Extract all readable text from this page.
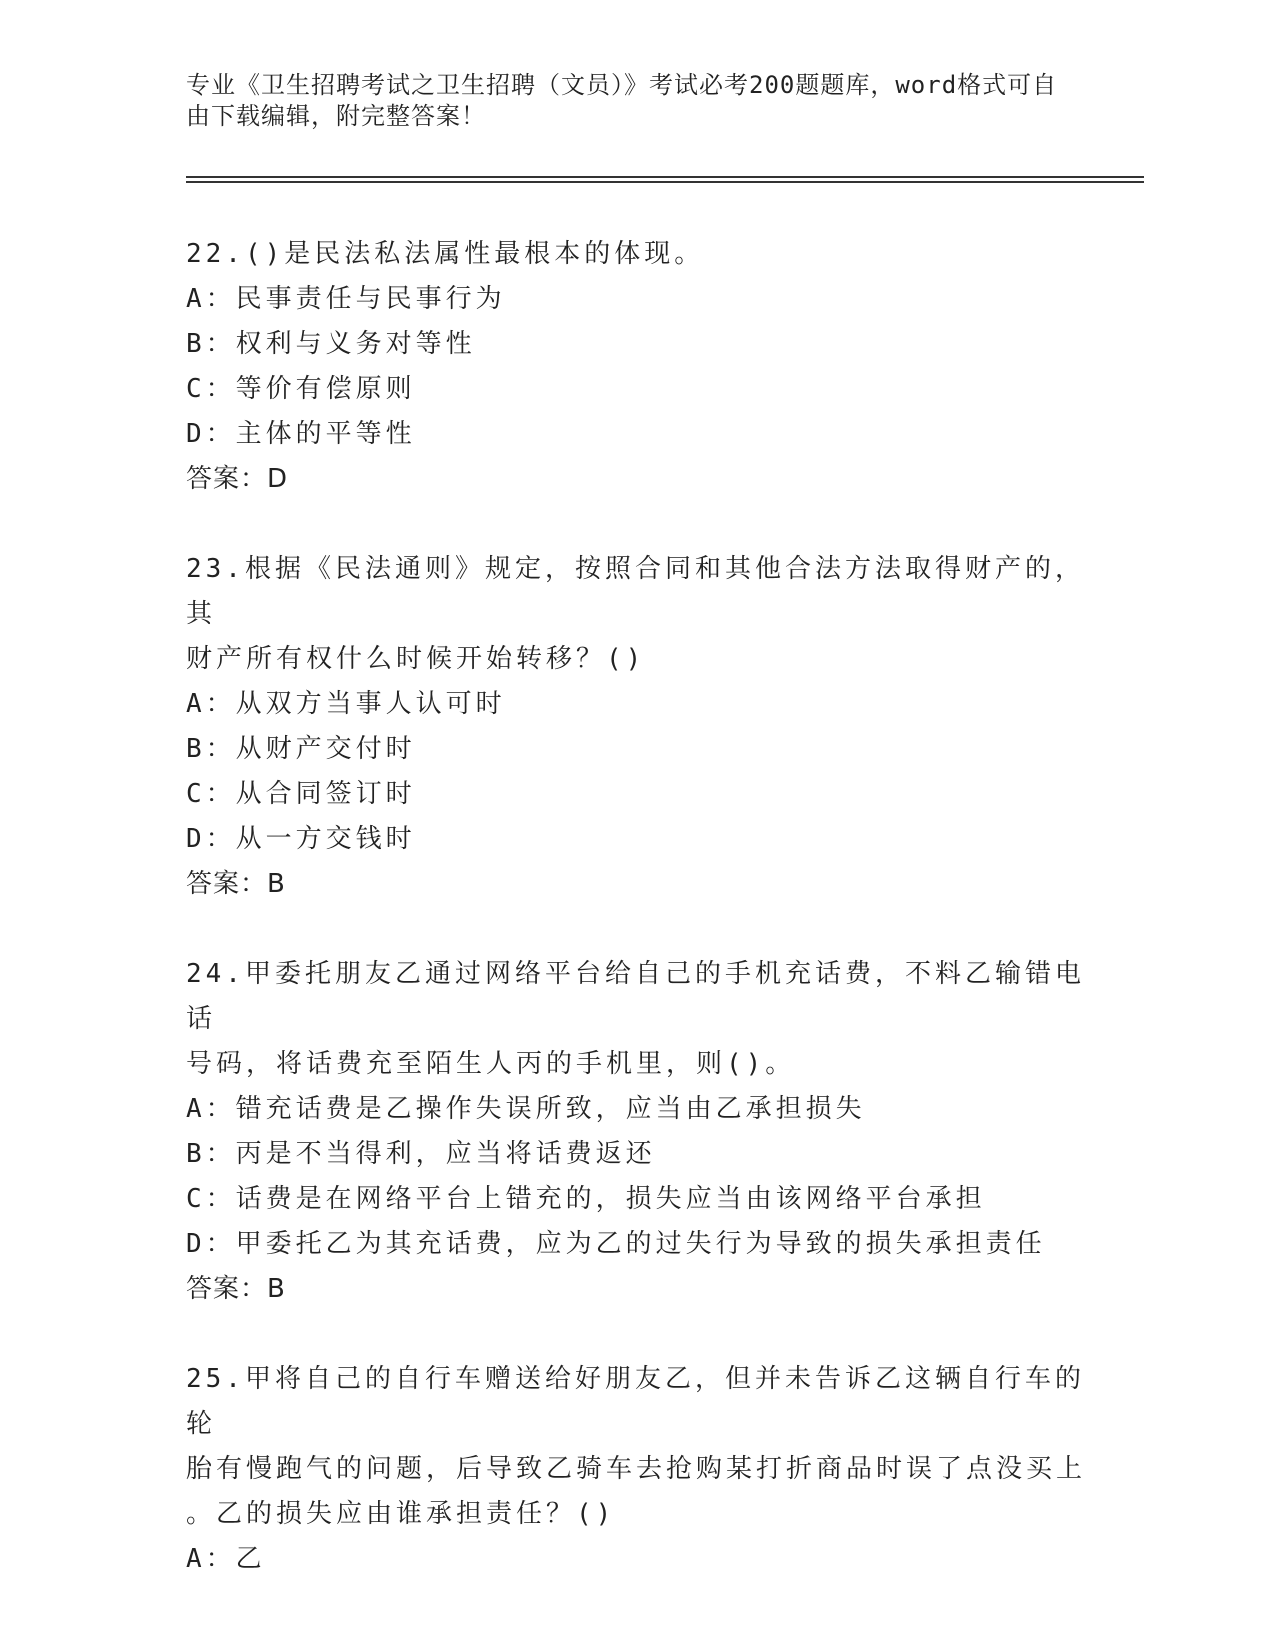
专业《卫生招聘考试之卫生招聘（文员）》考试必考200题题库，word格式可自
由下载编辑，附完整答案！
22.()是民法私法属性最根本的体现。
A：民事责任与民事行为
B：权利与义务对等性
C：等价有偿原则
D：主体的平等性
答案：D
23.根据《民法通则》规定，按照合同和其他合法方法取得财产的，其
财产所有权什么时候开始转移？()
A：从双方当事人认可时
B：从财产交付时
C：从合同签订时
D：从一方交钱时
答案：B
24.甲委托朋友乙通过网络平台给自己的手机充话费，不料乙输错电话
号码，将话费充至陌生人丙的手机里，则()。
A：错充话费是乙操作失误所致，应当由乙承担损失
B：丙是不当得利，应当将话费返还
C：话费是在网络平台上错充的，损失应当由该网络平台承担
D：甲委托乙为其充话费，应为乙的过失行为导致的损失承担责任
答案：B
25.甲将自己的自行车赠送给好朋友乙，但并未告诉乙这辆自行车的轮
胎有慢跑气的问题，后导致乙骑车去抢购某打折商品时误了点没买上
。乙的损失应由谁承担责任？()
A：乙
